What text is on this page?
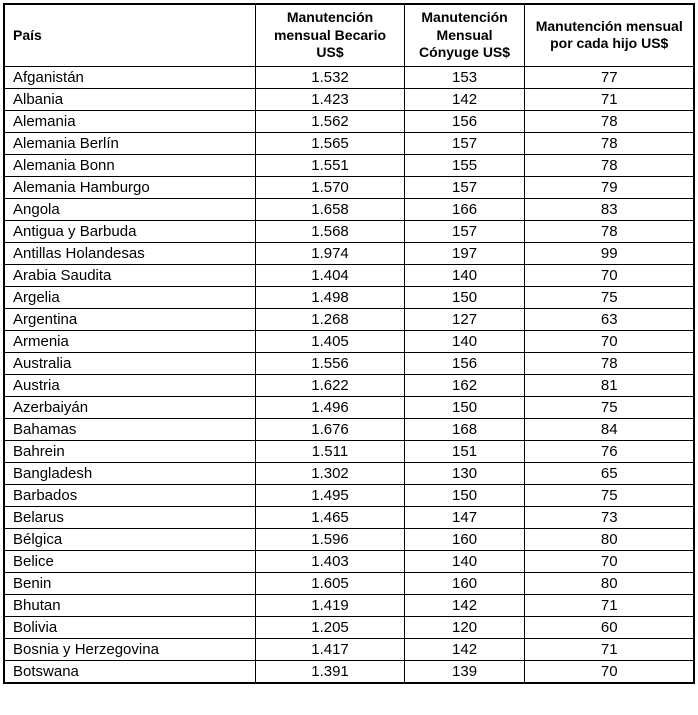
País	Manutención mensual Becario US$	Manutención Mensual Cónyuge US$	Manutención mensual por cada hijo US$
Afganistán	1.532	153	77
Albania	1.423	142	71
Alemania	1.562	156	78
Alemania Berlín	1.565	157	78
Alemania Bonn	1.551	155	78
Alemania Hamburgo	1.570	157	79
Angola	1.658	166	83
Antigua y Barbuda	1.568	157	78
Antillas Holandesas	1.974	197	99
Arabia Saudita	1.404	140	70
Argelia	1.498	150	75
Argentina	1.268	127	63
Armenia	1.405	140	70
Australia	1.556	156	78
Austria	1.622	162	81
Azerbaiyán	1.496	150	75
Bahamas	1.676	168	84
Bahrein	1.511	151	76
Bangladesh	1.302	130	65
Barbados	1.495	150	75
Belarus	1.465	147	73
Bélgica	1.596	160	80
Belice	1.403	140	70
Benin	1.605	160	80
Bhutan	1.419	142	71
Bolivia	1.205	120	60
Bosnia y Herzegovina	1.417	142	71
Botswana	1.391	139	70
